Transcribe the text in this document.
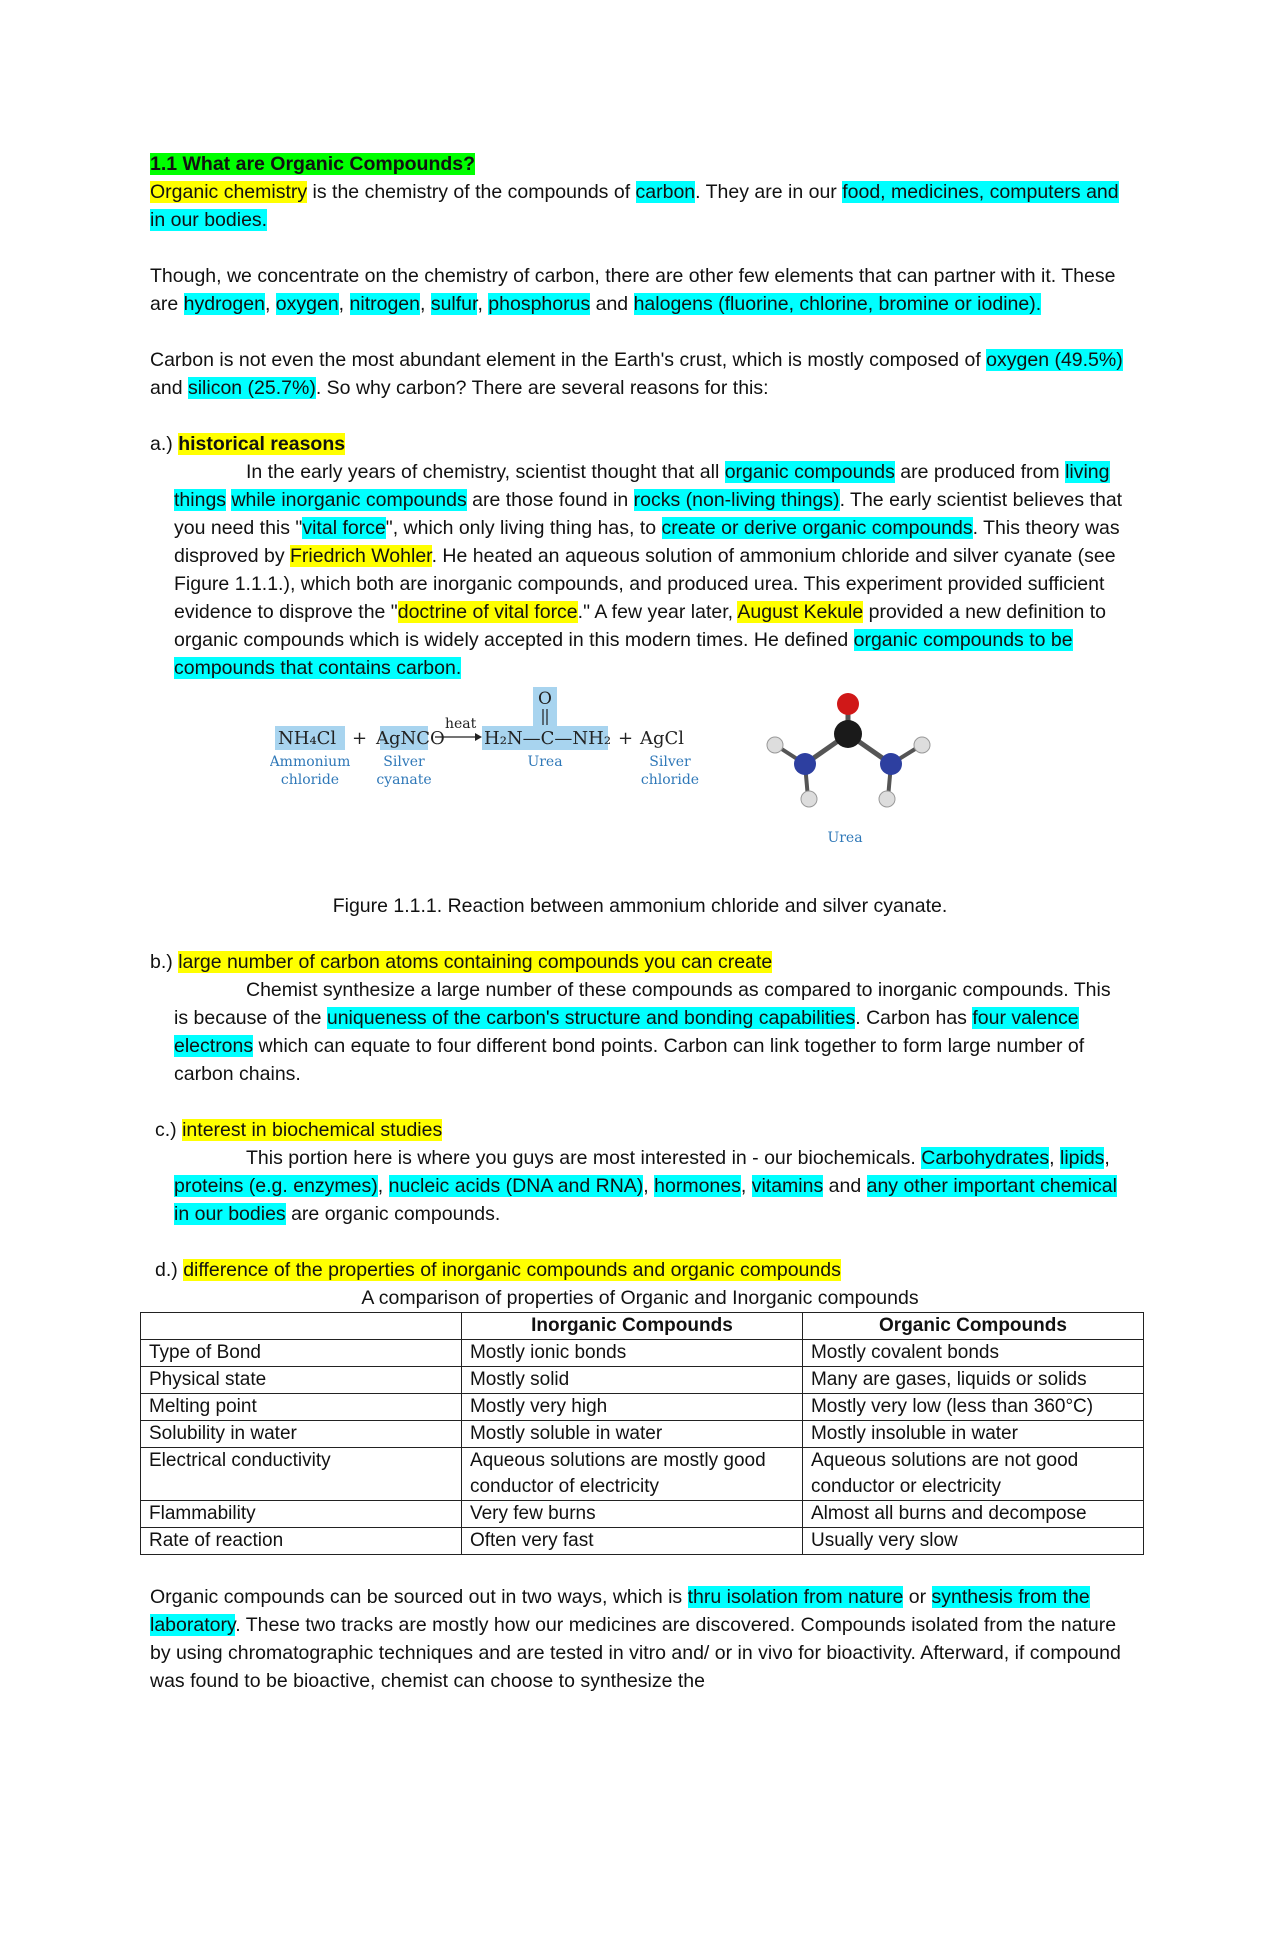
1.1 What are Organic Compounds?

Organic chemistry is the chemistry of the compounds of carbon. They are in our food, medicines, computers and in our bodies.

Though, we concentrate on the chemistry of carbon, there are other few elements that can partner with it. These are hydrogen, oxygen, nitrogen, sulfur, phosphorus and halogens (fluorine, chlorine, bromine or iodine).

Carbon is not even the most abundant element in the Earth's crust, which is mostly composed of oxygen (49.5%) and silicon (25.7%). So why carbon? There are several reasons for this:

a.) historical reasons

In the early years of chemistry, scientist thought that all organic compounds are produced from living things while inorganic compounds are those found in rocks (non-living things). The early scientist believes that you need this "vital force", which only living thing has, to create or derive organic compounds. This theory was disproved by Friedrich Wohler. He heated an aqueous solution of ammonium chloride and silver cyanate (see Figure 1.1.1.), which both are inorganic compounds, and produced urea. This experiment provided sufficient evidence to disprove the "doctrine of vital force." A few year later, August Kekule provided a new definition to organic compounds which is widely accepted in this modern times. He defined organic compounds to be compounds that contains carbon.

NH₄Cl + AgNCO
heat
O
H₂N—C—NH₂ + AgCl
Ammonium
chloride
Silver
cyanate
Urea	Silver
chloride
Urea

Figure 1.1.1. Reaction between ammonium chloride and silver cyanate.

b.) large number of carbon atoms containing compounds you can create

Chemist synthesize a large number of these compounds as compared to inorganic compounds. This is because of the uniqueness of the carbon's structure and bonding capabilities. Carbon has four valence electrons which can equate to four different bond points. Carbon can link together to form large number of carbon chains.

c.) interest in biochemical studies

This portion here is where you guys are most interested in - our biochemicals. Carbohydrates, lipids, proteins (e.g. enzymes), nucleic acids (DNA and RNA), hormones, vitamins and any other important chemical in our bodies are organic compounds.

d.) difference of the properties of inorganic compounds and organic compounds

A comparison of properties of Organic and Inorganic compounds

	Inorganic Compounds	Organic Compounds
Type of Bond	Mostly ionic bonds	Mostly covalent bonds
Physical state	Mostly solid	Many are gases, liquids or solids
Melting point	Mostly very high	Mostly very low (less than 360°C)
Solubility in water	Mostly soluble in water	Mostly insoluble in water
Electrical conductivity	Aqueous solutions are mostly good conductor of electricity	Aqueous solutions are not good conductor or electricity
Flammability	Very few burns	Almost all burns and decompose
Rate of reaction	Often very fast	Usually very slow

Organic compounds can be sourced out in two ways, which is thru isolation from nature or synthesis from the laboratory. These two tracks are mostly how our medicines are discovered. Compounds isolated from the nature by using chromatographic techniques and are tested in vitro and/ or in vivo for bioactivity. Afterward, if compound was found to be bioactive, chemist can choose to synthesize the
